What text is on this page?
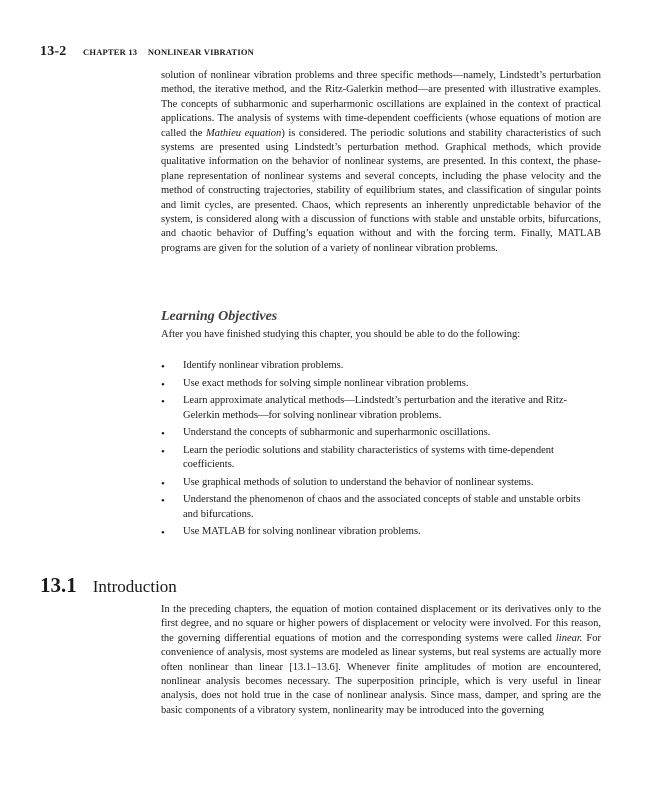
13-2 CHAPTER 13 NONLINEAR VIBRATION

solution of nonlinear vibration problems and three specific methods—namely, Lindstedt’s perturbation method, the iterative method, and the Ritz-Galerkin method—are presented with illustrative examples. The concepts of subharmonic and superharmonic oscillations are explained in the context of practical applications. The analysis of systems with time-dependent coefficients (whose equations of motion are called the Mathieu equation) is considered. The periodic solutions and stability characteristics of such systems are presented using Lindstedt’s perturbation method. Graphical methods, which provide qualitative information on the behavior of nonlinear systems, are presented. In this context, the phase-plane representation of nonlinear systems and several concepts, including the phase velocity and the method of constructing trajectories, stability of equilibrium states, and classification of singular points and limit cycles, are presented. Chaos, which represents an inherently unpredictable behavior of the system, is considered along with a discussion of functions with stable and unstable orbits, bifurcations, and chaotic behavior of Duffing’s equation without and with the forcing term. Finally, MATLAB programs are given for the solution of a variety of nonlinear vibration problems.

Learning Objectives
After you have finished studying this chapter, you should be able to do the following:
• Identify nonlinear vibration problems.
• Use exact methods for solving simple nonlinear vibration problems.
• Learn approximate analytical methods—Lindstedt’s perturbation and the iterative and Ritz-Gelerkin methods—for solving nonlinear vibration problems.
• Understand the concepts of subharmonic and superharmonic oscillations.
• Learn the periodic solutions and stability characteristics of systems with time-dependent coefficients.
• Use graphical methods of solution to understand the behavior of nonlinear systems.
• Understand the phenomenon of chaos and the associated concepts of stable and unstable orbits and bifurcations.
• Use MATLAB for solving nonlinear vibration problems.
13.1 Introduction

In the preceding chapters, the equation of motion contained displacement or its derivatives only to the first degree, and no square or higher powers of displacement or velocity were involved. For this reason, the governing differential equations of motion and the corresponding systems were called linear. For convenience of analysis, most systems are modeled as linear systems, but real systems are actually more often nonlinear than linear [13.1–13.6]. Whenever finite amplitudes of motion are encountered, nonlinear analysis becomes necessary. The superposition principle, which is very useful in linear analysis, does not hold true in the case of nonlinear analysis. Since mass, damper, and spring are the basic components of a vibratory system, nonlinearity may be introduced into the governing
